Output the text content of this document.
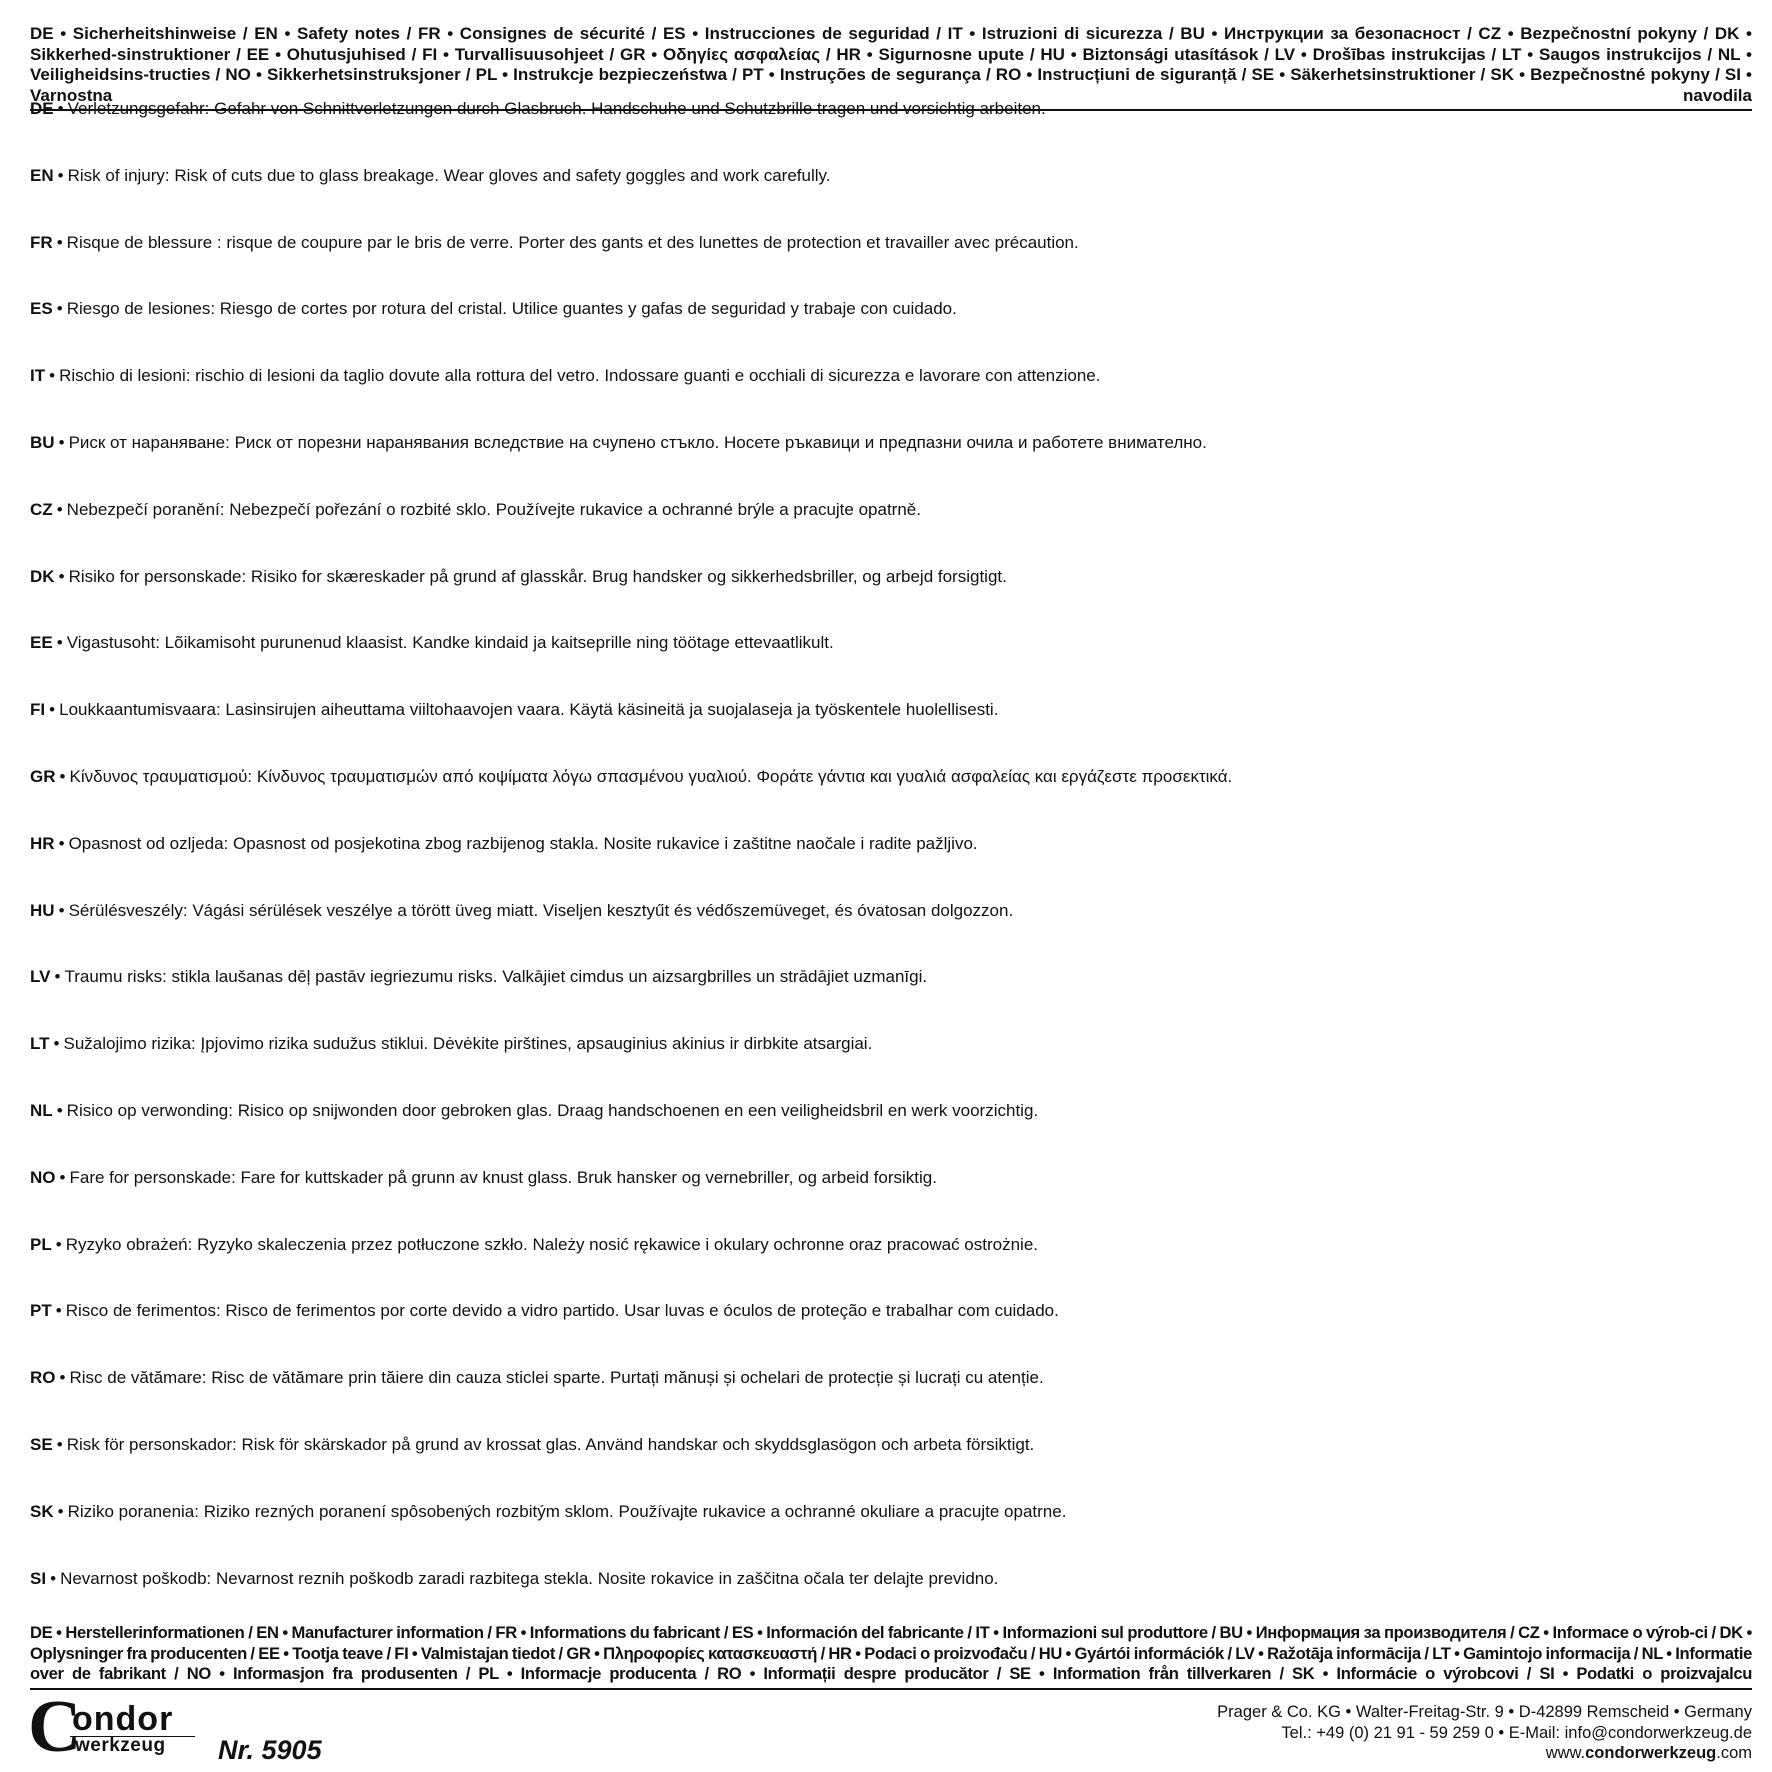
DE • Sicherheitshinweise / EN • Safety notes / FR • Consignes de sécurité / ES • Instrucciones de seguridad / IT • Istruzioni di sicurezza / BU • Инструкции за безопасност / CZ • Bezpečnostní pokyny / DK • Sikkerhed-sinstruktioner / EE • Ohutusjuhised / FI • Turvallisuusohjeet / GR • Οδηγίες ασφαλείας / HR • Sigurnosne upute / HU • Biztonsági utasítások / LV • Drošības instrukcijas / LT • Saugos instrukcijos / NL • Veiligheidsins-tructies / NO • Sikkerhetsinstruksjoner / PL • Instrukcje bezpieczeństwa / PT • Instruções de segurança / RO • Instrucțiuni de siguranță / SE • Säkerhetsinstruktioner / SK • Bezpečnostné pokyny / SI • Varnostna navodila
DE • Verletzungsgefahr: Gefahr von Schnittverletzungen durch Glasbruch. Handschuhe und Schutzbrille tragen und vorsichtig arbeiten.
EN • Risk of injury: Risk of cuts due to glass breakage. Wear gloves and safety goggles and work carefully.
FR • Risque de blessure : risque de coupure par le bris de verre. Porter des gants et des lunettes de protection et travailler avec précaution.
ES • Riesgo de lesiones: Riesgo de cortes por rotura del cristal. Utilice guantes y gafas de seguridad y trabaje con cuidado.
IT • Rischio di lesioni: rischio di lesioni da taglio dovute alla rottura del vetro. Indossare guanti e occhiali di sicurezza e lavorare con attenzione.
BU • Риск от нараняване: Риск от порезни наранявания вследствие на счупено стъкло. Носете ръкавици и предпазни очила и работете внимателно.
CZ • Nebezpečí poranění: Nebezpečí pořezání o rozbité sklo. Používejte rukavice a ochranné brýle a pracujte opatrně.
DK • Risiko for personskade: Risiko for skæreskader på grund af glasskår. Brug handsker og sikkerhedsbriller, og arbejd forsigtigt.
EE • Vigastusoht: Lõikamisoht purunenud klaasist. Kandke kindaid ja kaitseprille ning töötage ettevaatlikult.
FI • Loukkaantumisvaara: Lasinsirujen aiheuttama viiltohaavojen vaara. Käytä käsineitä ja suojalaseja ja työskentele huolellisesti.
GR • Κίνδυνος τραυματισμού: Κίνδυνος τραυματισμών από κοψίματα λόγω σπασμένου γυαλιού. Φοράτε γάντια και γυαλιά ασφαλείας και εργάζεστε προσεκτικά.
HR • Opasnost od ozljeda: Opasnost od posjekotina zbog razbijenog stakla. Nosite rukavice i zaštitne naočale i radite pažljivo.
HU • Sérülésveszély: Vágási sérülések veszélye a törött üveg miatt. Viseljen kesztyűt és védőszemüveget, és óvatosan dolgozzon.
LV • Traumu risks: stikla laušanas dēļ pastāv iegriezumu risks. Valkājiet cimdus un aizsargbrilles un strādājiet uzmanīgi.
LT • Sužalojimo rizika: Įpjovimo rizika sudužus stiklui. Dėvėkite pirštines, apsauginius akinius ir dirbkite atsargiai.
NL • Risico op verwonding: Risico op snijwonden door gebroken glas. Draag handschoenen en een veiligheidsbril en werk voorzichtig.
NO • Fare for personskade: Fare for kuttskader på grunn av knust glass. Bruk hansker og vernebriller, og arbeid forsiktig.
PL • Ryzyko obrażeń: Ryzyko skaleczenia przez potłuczone szkło. Należy nosić rękawice i okulary ochronne oraz pracować ostrożnie.
PT • Risco de ferimentos: Risco de ferimentos por corte devido a vidro partido. Usar luvas e óculos de proteção e trabalhar com cuidado.
RO • Risc de vătămare: Risc de vătămare prin tăiere din cauza sticlei sparte. Purtați mănuși și ochelari de protecție și lucrați cu atenție.
SE • Risk för personskador: Risk för skärskador på grund av krossat glas. Använd handskar och skyddsglasögon och arbeta försiktigt.
SK • Riziko poranenia: Riziko rezných poranení spôsobených rozbitým sklom. Používajte rukavice a ochranné okuliare a pracujte opatrne.
SI • Nevarnost poškodb: Nevarnost reznih poškodb zaradi razbitega stekla. Nosite rokavice in zaščitna očala ter delajte previdno.
DE • Herstellerinformationen / EN • Manufacturer information / FR • Informations du fabricant / ES • Información del fabricante / IT • Informazioni sul produttore / BU • Информация за производителя / CZ • Informace o výrob-ci / DK • Oplysninger fra producenten / EE • Tootja teave / FI • Valmistajan tiedot / GR • Πληροφορίες κατασκευαστή / HR • Podaci o proizvođaču / HU • Gyártói információk / LV • Ražotāja informācija / LT • Gamintojo informacija / NL • Informatie over de fabrikant / NO • Informasjon fra produsenten / PL • Informacje producenta / RO • Informații despre producător / SE • Information från tillverkaren / SK • Informácie o výrobcovi / SI • Podatki o proizvajalcu
C
ondor
werkzeug Nr. 5905
Prager & Co. KG • Walter-Freitag-Str. 9 • D-42899 Remscheid • Germany
Tel.: +49 (0) 21 91 - 59 259 0 • E-Mail: info@condorwerkzeug.de
www.condorwerkzeug.com
